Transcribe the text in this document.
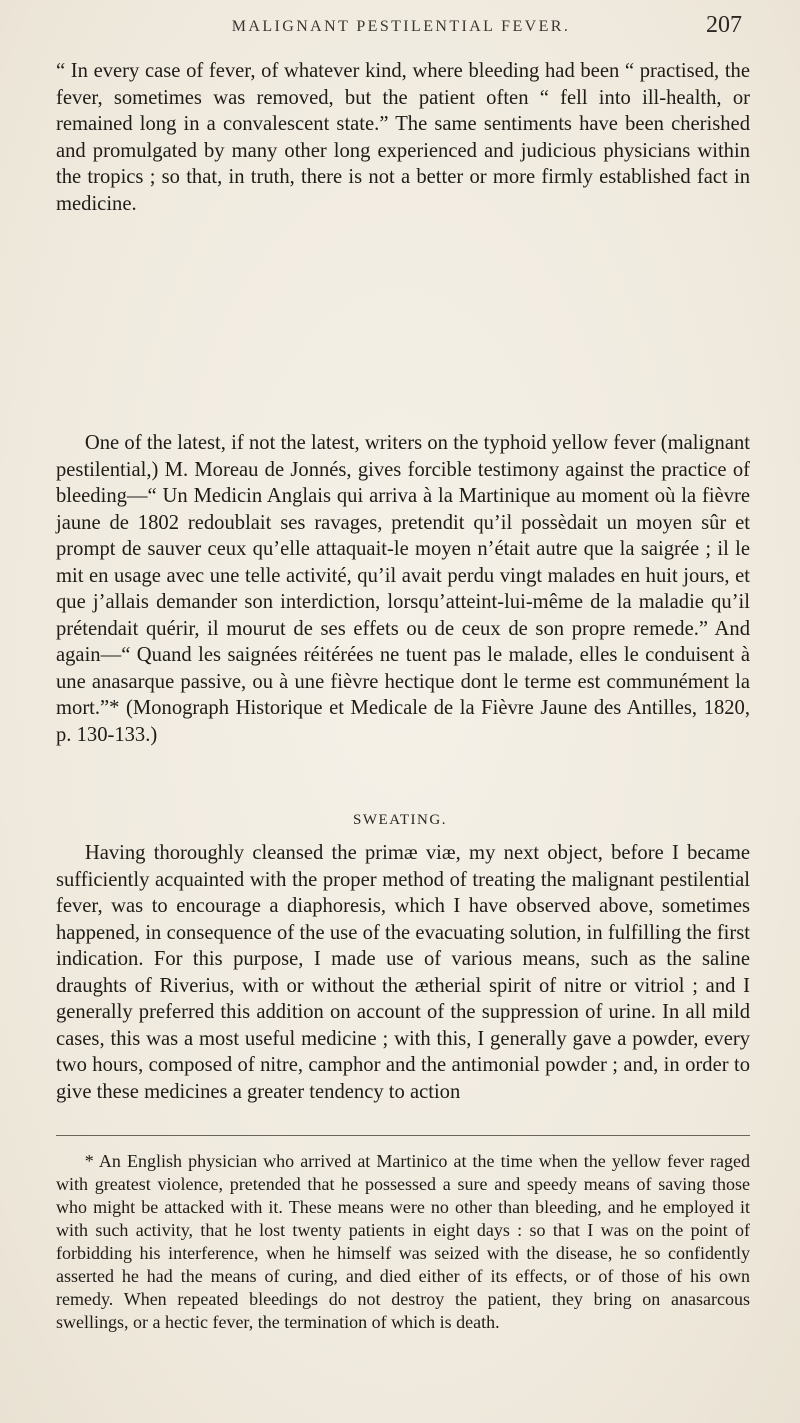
MALIGNANT PESTILENTIAL FEVER.	207

“ In every case of fever, of whatever kind, where bleeding had been “ practised, the fever, sometimes was removed, but the patient often “ fell into ill-health, or remained long in a convalescent state.” The same sentiments have been cherished and promulgated by many other long experienced and judicious physicians within the tropics ; so that, in truth, there is not a better or more firmly established fact in medicine.

One of the latest, if not the latest, writers on the typhoid yellow fever (malignant pestilential,) M. Moreau de Jonnés, gives forcible testimony against the practice of bleeding—“ Un Medicin Anglais qui arriva à la Martinique au moment où la fièvre jaune de 1802 redoublait ses ravages, pretendit qu’il possèdait un moyen sûr et prompt de sauver ceux qu’elle attaquait-le moyen n’était autre que la saigrée ; il le mit en usage avec une telle activité, qu’il avait perdu vingt malades en huit jours, et que j’allais demander son interdiction, lorsqu’atteint-lui-même de la maladie qu’il prétendait quérir, il mourut de ses effets ou de ceux de son propre remede.” And again—“ Quand les saignées réitérées ne tuent pas le malade, elles le conduisent à une anasarque passive, ou à une fièvre hectique dont le terme est communément la mort.”* (Monograph Historique et Medicale de la Fièvre Jaune des Antilles, 1820, p. 130-133.)

SWEATING.

Having thoroughly cleansed the primæ viæ, my next object, before I became sufficiently acquainted with the proper method of treating the malignant pestilential fever, was to encourage a diaphoresis, which I have observed above, sometimes happened, in consequence of the use of the evacuating solution, in fulfilling the first indication. For this purpose, I made use of various means, such as the saline draughts of Riverius, with or without the ætherial spirit of nitre or vitriol ; and I generally preferred this addition on account of the suppression of urine. In all mild cases, this was a most useful medicine ; with this, I generally gave a powder, every two hours, composed of nitre, camphor and the antimonial powder ; and, in order to give these medicines a greater tendency to action

* An English physician who arrived at Martinico at the time when the yellow fever raged with greatest violence, pretended that he possessed a sure and speedy means of saving those who might be attacked with it. These means were no other than bleeding, and he employed it with such activity, that he lost twenty patients in eight days : so that I was on the point of forbidding his interference, when he himself was seized with the disease, he so confidently asserted he had the means of curing, and died either of its effects, or of those of his own remedy. When repeated bleedings do not destroy the patient, they bring on anasarcous swellings, or a hectic fever, the termination of which is death.
